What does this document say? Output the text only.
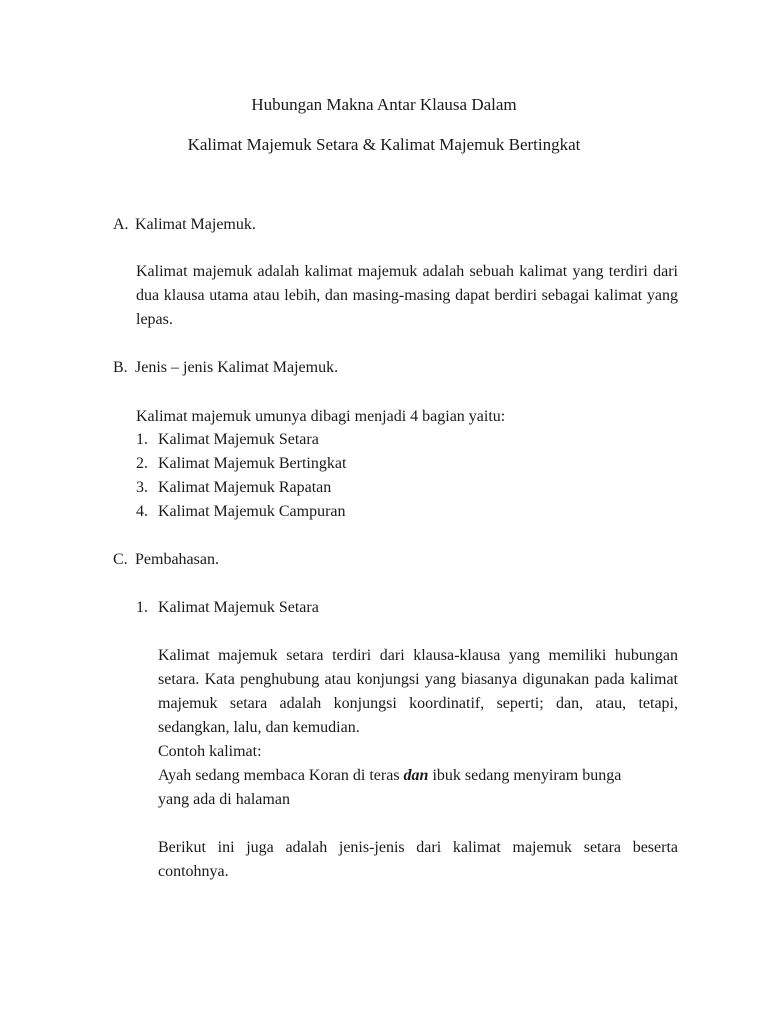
Hubungan Makna Antar Klausa Dalam
Kalimat Majemuk Setara & Kalimat Majemuk Bertingkat
A. Kalimat Majemuk.
Kalimat majemuk adalah kalimat majemuk adalah sebuah kalimat yang terdiri dari dua klausa utama atau lebih, dan masing-masing dapat berdiri sebagai kalimat yang lepas.
B. Jenis – jenis Kalimat Majemuk.
Kalimat majemuk umunya dibagi menjadi 4 bagian yaitu:
1. Kalimat Majemuk Setara
2. Kalimat Majemuk Bertingkat
3. Kalimat Majemuk Rapatan
4. Kalimat Majemuk Campuran
C. Pembahasan.
1. Kalimat Majemuk Setara
Kalimat majemuk setara terdiri dari klausa-klausa yang memiliki hubungan setara. Kata penghubung atau konjungsi yang biasanya digunakan pada kalimat majemuk setara adalah konjungsi koordinatif, seperti; dan, atau, tetapi, sedangkan, lalu, dan kemudian.
Contoh kalimat:
Ayah sedang membaca Koran di teras dan ibuk sedang menyiram bunga
yang ada di halaman
Berikut ini juga adalah jenis-jenis dari kalimat majemuk setara beserta contohnya.
